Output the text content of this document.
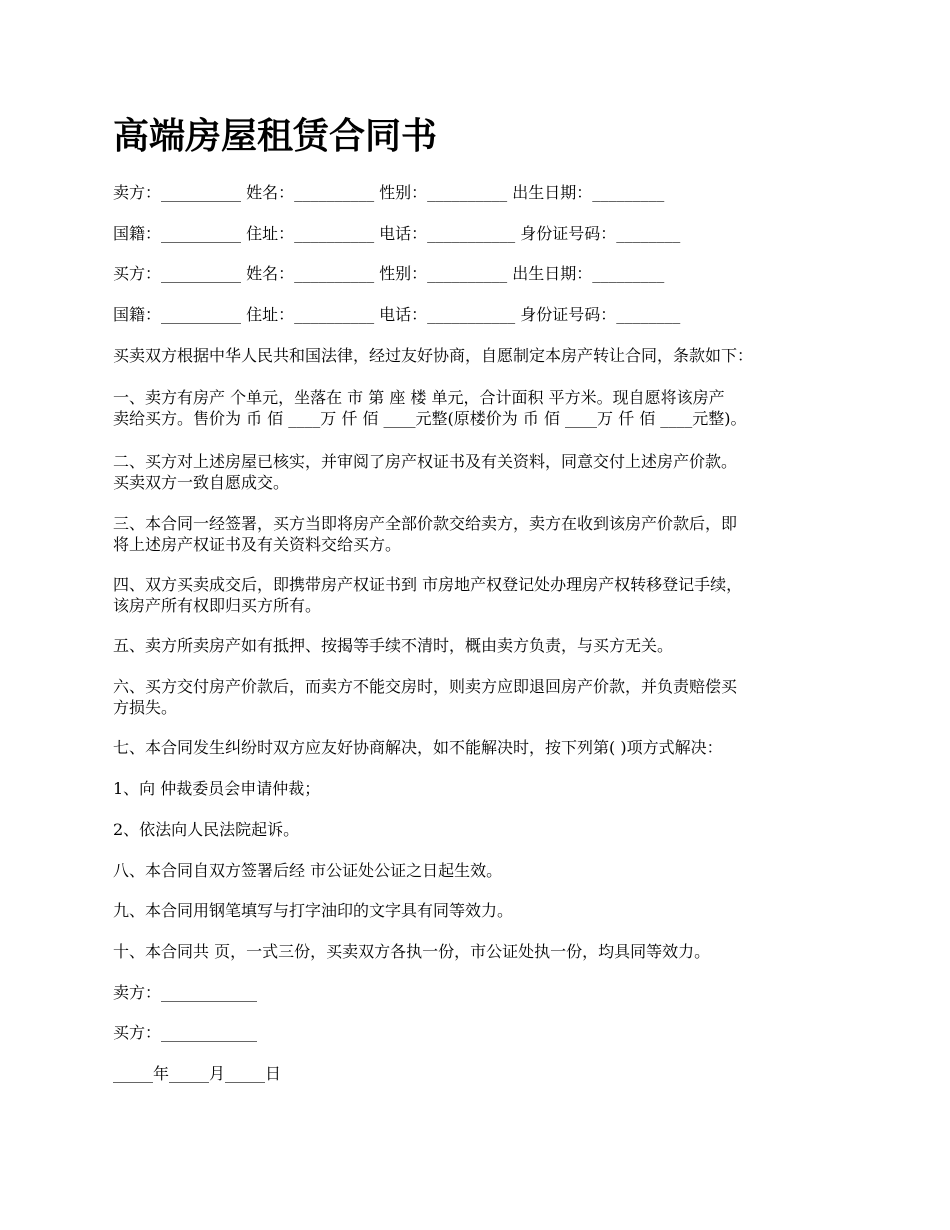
高端房屋租赁合同书

卖方：__________ 姓名：__________ 性别：__________ 出生日期：_________

国籍：__________ 住址：__________ 电话：___________ 身份证号码：________

买方：__________ 姓名：__________ 性别：__________ 出生日期：_________

国籍：__________ 住址：__________ 电话：___________ 身份证号码：________

买卖双方根据中华人民共和国法律，经过友好协商，自愿制定本房产转让合同，条款如下：

一、卖方有房产 个单元，坐落在 市 第 座 楼 单元，合计面积 平方米。现自愿将该房产

卖给买方。售价为 币 佰 ____万 仟 佰 ____元整(原楼价为 币 佰 ____万 仟 佰 ____元整)。

二、买方对上述房屋已核实，并审阅了房产权证书及有关资料，同意交付上述房产价款。

买卖双方一致自愿成交。

三、本合同一经签署，买方当即将房产全部价款交给卖方，卖方在收到该房产价款后，即

将上述房产权证书及有关资料交给买方。

四、双方买卖成交后，即携带房产权证书到 市房地产权登记处办理房产权转移登记手续，

该房产所有权即归买方所有。

五、卖方所卖房产如有抵押、按揭等手续不清时，概由卖方负责，与买方无关。

六、买方交付房产价款后，而卖方不能交房时，则卖方应即退回房产价款，并负责赔偿买

方损失。

七、本合同发生纠纷时双方应友好协商解决，如不能解决时，按下列第( )项方式解决：

1、向 仲裁委员会申请仲裁；

2、依法向人民法院起诉。

八、本合同自双方签署后经 市公证处公证之日起生效。

九、本合同用钢笔填写与打字油印的文字具有同等效力。

十、本合同共 页，一式三份，买卖双方各执一份，市公证处执一份，均具同等效力。

卖方：____________

买方：____________

_____年_____月_____日
